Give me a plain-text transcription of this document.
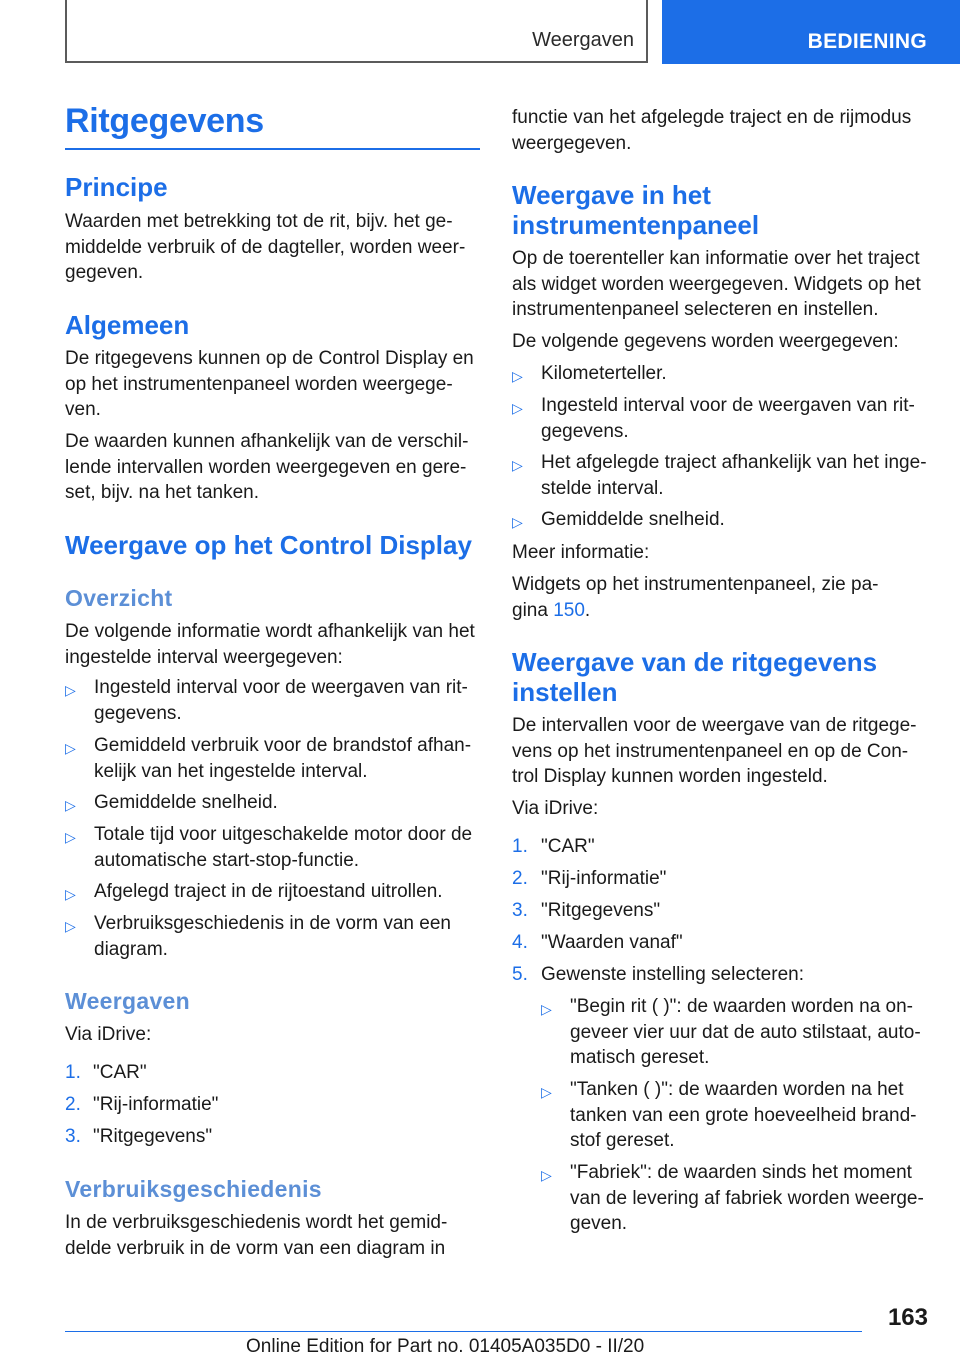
Weergaven	BEDIENING
Ritgegevens
Principe
Waarden met betrekking tot de rit, bijv. het ge-
middelde verbruik of de dagteller, worden weer-
gegeven.
Algemeen
De ritgegevens kunnen op de Control Display en
op het instrumentenpaneel worden weergege-
ven.
De waarden kunnen afhankelijk van de verschil-
lende intervallen worden weergegeven en gere-
set, bijv. na het tanken.
Weergave op het Control Display
Overzicht
De volgende informatie wordt afhankelijk van het
ingestelde interval weergegeven:
▷ Ingesteld interval voor de weergaven van rit-
gegevens.
▷ Gemiddeld verbruik voor de brandstof afhan-
kelijk van het ingestelde interval.
▷ Gemiddelde snelheid.
▷ Totale tijd voor uitgeschakelde motor door de
automatische start-stop-functie.
▷ Afgelegd traject in de rijtoestand uitrollen.
▷ Verbruiksgeschiedenis in de vorm van een
diagram.
Weergaven
Via iDrive:
1. "CAR"
2. "Rij-informatie"
3. "Ritgegevens"
Verbruiksgeschiedenis
In de verbruiksgeschiedenis wordt het gemid-
delde verbruik in de vorm van een diagram in
functie van het afgelegde traject en de rijmodus
weergegeven.
Weergave in het
instrumentenpaneel
Op de toerenteller kan informatie over het traject
als widget worden weergegeven. Widgets op het
instrumentenpaneel selecteren en instellen.
De volgende gegevens worden weergegeven:
▷ Kilometerteller.
▷ Ingesteld interval voor de weergaven van rit-
gegevens.
▷ Het afgelegde traject afhankelijk van het inge-
stelde interval.
▷ Gemiddelde snelheid.
Meer informatie:
Widgets op het instrumentenpaneel, zie pa-
gina 150.
Weergave van de ritgegevens
instellen
De intervallen voor de weergave van de ritgege-
vens op het instrumentenpaneel en op de Con-
trol Display kunnen worden ingesteld.
Via iDrive:
1. "CAR"
2. "Rij-informatie"
3. "Ritgegevens"
4. "Waarden vanaf"
5. Gewenste instelling selecteren:
▷ "Begin rit ( )": de waarden worden na on-
geveer vier uur dat de auto stilstaat, auto-
matisch gereset.
▷ "Tanken ( )": de waarden worden na het
tanken van een grote hoeveelheid brand-
stof gereset.
▷ "Fabriek": de waarden sinds het moment
van de levering af fabriek worden weerge-
geven.
163
Online Edition for Part no. 01405A035D0 - II/20
